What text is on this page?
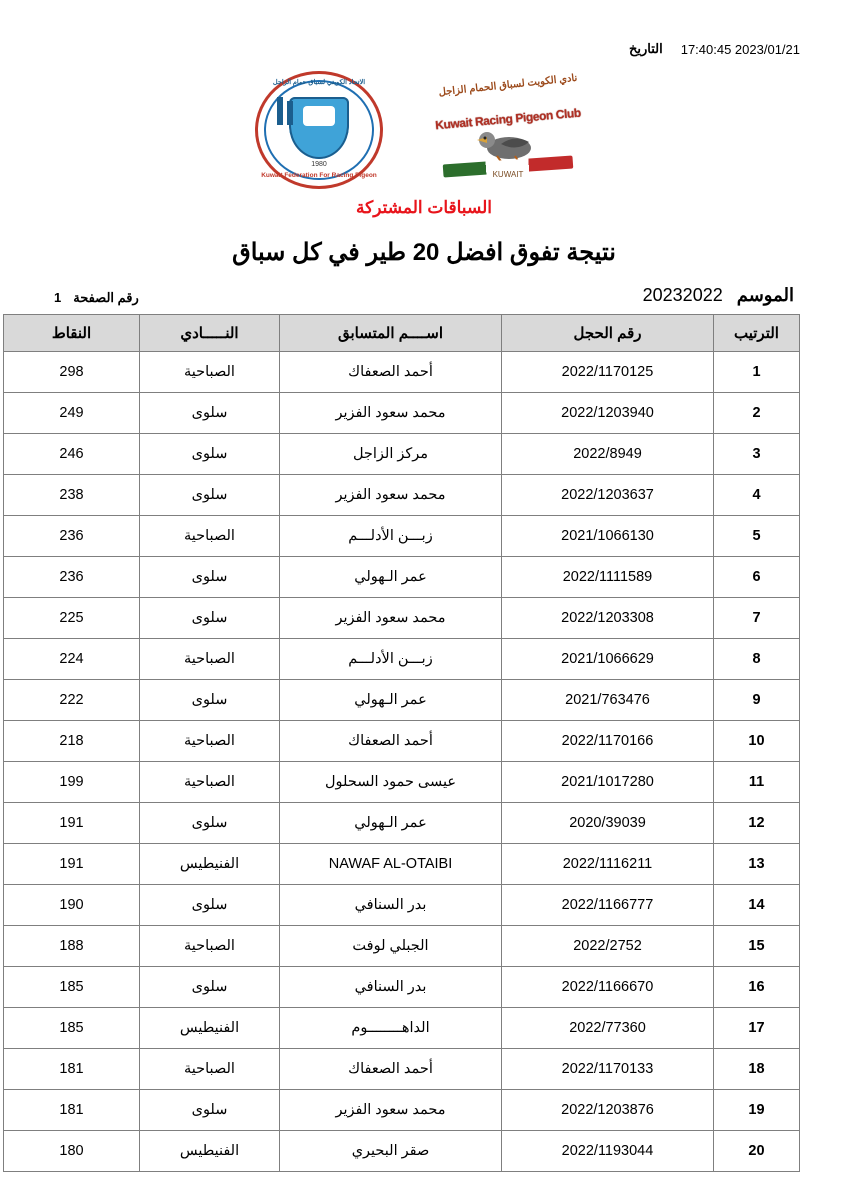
التاريخ 17:40:45 2023/01/21
نادي الكويت لسباق الحمام الزاجل
Kuwait Racing Pigeon Club
KUWAIT
الاتحاد الكويتي لسباق حمام الزاجل
1980
Kuwait Federation For Racing Pigeon
السباقات المشتركة
نتيجة تفوق افضل 20 طير في كل سباق
الموسم
20232022
رقم الصفحة
1
الترتيب	رقم الحجل	اســــم المتسابق	النـــــادي	النقاط
1	2022/1170125	أحمد الصعفاك	الصباحية	298
2	2022/1203940	محمد سعود الفزير	سلوى	249
3	2022/8949	مركز الزاجل	سلوى	246
4	2022/1203637	محمد سعود الفزير	سلوى	238
5	2021/1066130	زبـــن الأدلـــم	الصباحية	236
6	2022/1111589	عمر الـهولي	سلوى	236
7	2022/1203308	محمد سعود الفزير	سلوى	225
8	2021/1066629	زبـــن الأدلـــم	الصباحية	224
9	2021/763476	عمر الـهولي	سلوى	222
10	2022/1170166	أحمد الصعفاك	الصباحية	218
11	2021/1017280	عيسى حمود السحلول	الصباحية	199
12	2020/39039	عمر الـهولي	سلوى	191
13	2022/1116211	NAWAF AL-OTAIBI	الفنيطيس	191
14	2022/1166777	بدر السنافي	سلوى	190
15	2022/2752	الجبلي لوفت	الصباحية	188
16	2022/1166670	بدر السنافي	سلوى	185
17	2022/77360	الداهــــــــوم	الفنيطيس	185
18	2022/1170133	أحمد الصعفاك	الصباحية	181
19	2022/1203876	محمد سعود الفزير	سلوى	181
20	2022/1193044	صقر البحيري	الفنيطيس	180
